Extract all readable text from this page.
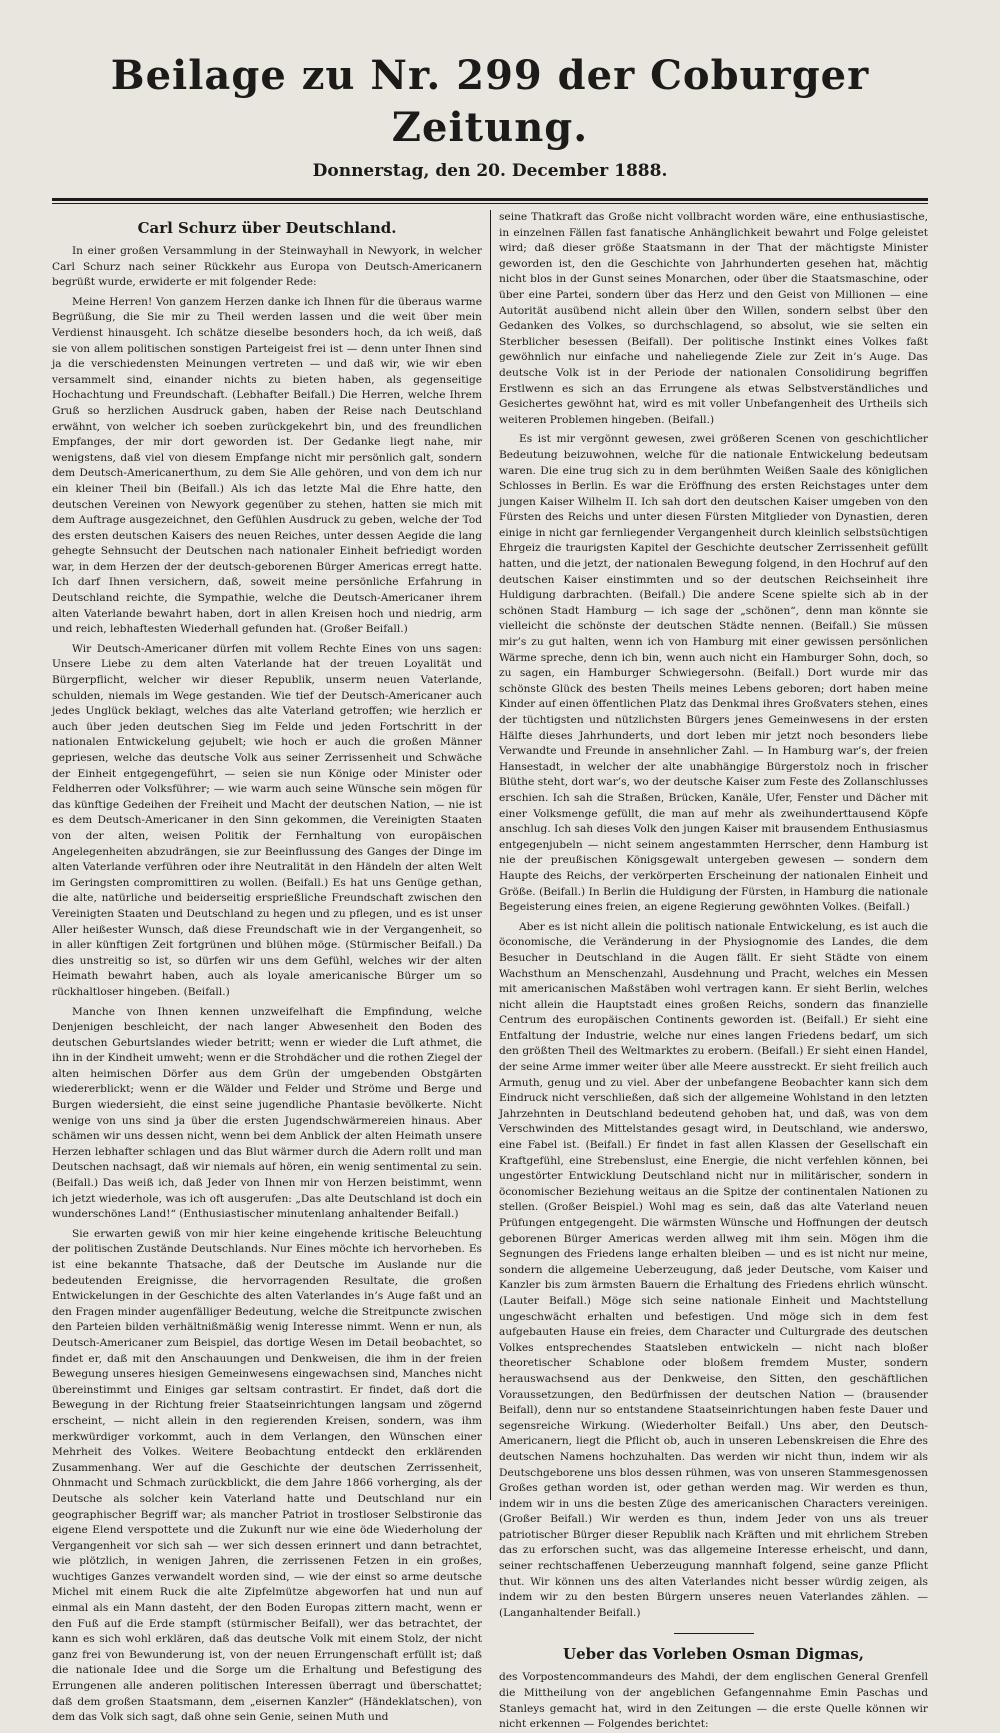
Beilage zu Nr. 299 der Coburger Zeitung.
Donnerstag, den 20. December 1888.
Carl Schurz über Deutschland.

In einer großen Versammlung in der Steinwayhall in Newyork, in welcher Carl Schurz nach seiner Rückkehr aus Europa von Deutsch-Americanern begrüßt wurde, erwiderte er mit folgender Rede:

Meine Herren! Von ganzem Herzen danke ich Ihnen für die überaus warme Begrüßung, die Sie mir zu Theil werden lassen und die weit über mein Verdienst hinausgeht. Ich schätze dieselbe besonders hoch, da ich weiß, daß sie von allem politischen sonstigen Parteigeist frei ist — denn unter Ihnen sind ja die verschiedensten Meinungen vertreten — und daß wir, wie wir eben versammelt sind, einander nichts zu bieten haben, als gegenseitige Hochachtung und Freundschaft. (Lebhafter Beifall.) Die Herren, welche Ihrem Gruß so herzlichen Ausdruck gaben, haben der Reise nach Deutschland erwähnt, von welcher ich soeben zurückgekehrt bin, und des freundlichen Empfanges, der mir dort geworden ist. Der Gedanke liegt nahe, mir wenigstens, daß viel von diesem Empfange nicht mir persönlich galt, sondern dem Deutsch-Americanerthum, zu dem Sie Alle gehören, und von dem ich nur ein kleiner Theil bin (Beifall.) Als ich das letzte Mal die Ehre hatte, den deutschen Vereinen von Newyork gegenüber zu stehen, hatten sie mich mit dem Auftrage ausgezeichnet, den Gefühlen Ausdruck zu geben, welche der Tod des ersten deutschen Kaisers des neuen Reiches, unter dessen Aegide die lang gehegte Sehnsucht der Deutschen nach nationaler Einheit befriedigt worden war, in dem Herzen der der deutsch-geborenen Bürger Americas erregt hatte. Ich darf Ihnen versichern, daß, soweit meine persönliche Erfahrung in Deutschland reichte, die Sympathie, welche die Deutsch-Americaner ihrem alten Vaterlande bewahrt haben, dort in allen Kreisen hoch und niedrig, arm und reich, lebhaftesten Wiederhall gefunden hat. (Großer Beifall.)

Wir Deutsch-Americaner dürfen mit vollem Rechte Eines von uns sagen: Unsere Liebe zu dem alten Vaterlande hat der treuen Loyalität und Bürgerpflicht, welcher wir dieser Republik, unserm neuen Vaterlande, schulden, niemals im Wege gestanden. Wie tief der Deutsch-Americaner auch jedes Unglück beklagt, welches das alte Vaterland getroffen; wie herzlich er auch über jeden deutschen Sieg im Felde und jeden Fortschritt in der nationalen Entwickelung gejubelt; wie hoch er auch die großen Männer gepriesen, welche das deutsche Volk aus seiner Zerrissenheit und Schwäche der Einheit entgegengeführt, — seien sie nun Könige oder Minister oder Feldherren oder Volksführer; — wie warm auch seine Wünsche sein mögen für das künftige Gedeihen der Freiheit und Macht der deutschen Nation, — nie ist es dem Deutsch-Americaner in den Sinn gekommen, die Vereinigten Staaten von der alten, weisen Politik der Fernhaltung von europäischen Angelegenheiten abzudrängen, sie zur Beeinflussung des Ganges der Dinge im alten Vaterlande verführen oder ihre Neutralität in den Händeln der alten Welt im Geringsten compromittiren zu wollen. (Beifall.) Es hat uns Genüge gethan, die alte, natürliche und beiderseitig ersprießliche Freundschaft zwischen den Vereinigten Staaten und Deutschland zu hegen und zu pflegen, und es ist unser Aller heißester Wunsch, daß diese Freundschaft wie in der Vergangenheit, so in aller künftigen Zeit fortgrünen und blühen möge. (Stürmischer Beifall.) Da dies unstreitig so ist, so dürfen wir uns dem Gefühl, welches wir der alten Heimath bewahrt haben, auch als loyale americanische Bürger um so rückhaltloser hingeben. (Beifall.)

Manche von Ihnen kennen unzweifelhaft die Empfindung, welche Denjenigen beschleicht, der nach langer Abwesenheit den Boden des deutschen Geburtslandes wieder betritt; wenn er wieder die Luft athmet, die ihn in der Kindheit umweht; wenn er die Strohdächer und die rothen Ziegel der alten heimischen Dörfer aus dem Grün der umgebenden Obstgärten wiedererblickt; wenn er die Wälder und Felder und Ströme und Berge und Burgen wiedersieht, die einst seine jugendliche Phantasie bevölkerte. Nicht wenige von uns sind ja über die ersten Jugendschwärmereien hinaus. Aber schämen wir uns dessen nicht, wenn bei dem Anblick der alten Heimath unsere Herzen lebhafter schlagen und das Blut wärmer durch die Adern rollt und man Deutschen nachsagt, daß wir niemals auf hören, ein wenig sentimental zu sein. (Beifall.) Das weiß ich, daß Jeder von Ihnen mir von Herzen beistimmt, wenn ich jetzt wiederhole, was ich oft ausgerufen: „Das alte Deutschland ist doch ein wunderschönes Land!“ (Enthusiastischer minutenlang anhaltender Beifall.)

Sie erwarten gewiß von mir hier keine eingehende kritische Beleuchtung der politischen Zustände Deutschlands. Nur Eines möchte ich hervorheben. Es ist eine bekannte Thatsache, daß der Deutsche im Auslande nur die bedeutenden Ereignisse, die hervorragenden Resultate, die großen Entwickelungen in der Geschichte des alten Vaterlandes in’s Auge faßt und an den Fragen minder augenfälliger Bedeutung, welche die Streitpuncte zwischen den Parteien bilden verhältnißmäßig wenig Interesse nimmt. Wenn er nun, als Deutsch-Americaner zum Beispiel, das dortige Wesen im Detail beobachtet, so findet er, daß mit den Anschauungen und Denkweisen, die ihm in der freien Bewegung unseres hiesigen Gemeinwesens eingewachsen sind, Manches nicht übereinstimmt und Einiges gar seltsam contrastirt. Er findet, daß dort die Bewegung in der Richtung freier Staatseinrichtungen langsam und zögernd erscheint, — nicht allein in den regierenden Kreisen, sondern, was ihm merkwürdiger vorkommt, auch in dem Verlangen, den Wünschen einer Mehrheit des Volkes. Weitere Beobachtung entdeckt den erklärenden Zusammenhang. Wer auf die Geschichte der deutschen Zerrissenheit, Ohnmacht und Schmach zurückblickt, die dem Jahre 1866 vorherging, als der Deutsche als solcher kein Vaterland hatte und Deutschland nur ein geographischer Begriff war; als mancher Patriot in trostloser Selbstironie das eigene Elend verspottete und die Zukunft nur wie eine öde Wiederholung der Vergangenheit vor sich sah — wer sich dessen erinnert und dann betrachtet, wie plötzlich, in wenigen Jahren, die zerrissenen Fetzen in ein großes, wuchtiges Ganzes verwandelt worden sind, — wie der einst so arme deutsche Michel mit einem Ruck die alte Zipfelmütze abgeworfen hat und nun auf einmal als ein Mann dasteht, der den Boden Europas zittern macht, wenn er den Fuß auf die Erde stampft (stürmischer Beifall), wer das betrachtet, der kann es sich wohl erklären, daß das deutsche Volk mit einem Stolz, der nicht ganz frei von Bewunderung ist, von der neuen Errungenschaft erfüllt ist; daß die nationale Idee und die Sorge um die Erhaltung und Befestigung des Errungenen alle anderen politischen Interessen überragt und überschattet; daß dem großen Staatsmann, dem „eisernen Kanzler“ (Händeklatschen), von dem das Volk sich sagt, daß ohne sein Genie, seinen Muth und

seine Thatkraft das Große nicht vollbracht worden wäre, eine enthusiastische, in einzelnen Fällen fast fanatische Anhänglichkeit bewahrt und Folge geleistet wird; daß dieser größe Staatsmann in der That der mächtigste Minister geworden ist, den die Geschichte von Jahrhunderten gesehen hat, mächtig nicht blos in der Gunst seines Monarchen, oder über die Staatsmaschine, oder über eine Partei, sondern über das Herz und den Geist von Millionen — eine Autorität ausübend nicht allein über den Willen, sondern selbst über den Gedanken des Volkes, so durchschlagend, so absolut, wie sie selten ein Sterblicher besessen (Beifall). Der politische Instinkt eines Volkes faßt gewöhnlich nur einfache und naheliegende Ziele zur Zeit in’s Auge. Das deutsche Volk ist in der Periode der nationalen Consolidirung begriffen Erstlwenn es sich an das Errungene als etwas Selbstverständliches und Gesichertes gewöhnt hat, wird es mit voller Unbefangenheit des Urtheils sich weiteren Problemen hingeben. (Beifall.)

Es ist mir vergönnt gewesen, zwei größeren Scenen von geschichtlicher Bedeutung beizuwohnen, welche für die nationale Entwickelung bedeutsam waren. Die eine trug sich zu in dem berühmten Weißen Saale des königlichen Schlosses in Berlin. Es war die Eröffnung des ersten Reichstages unter dem jungen Kaiser Wilhelm II. Ich sah dort den deutschen Kaiser umgeben von den Fürsten des Reichs und unter diesen Fürsten Mitglieder von Dynastien, deren einige in nicht gar fernliegender Vergangenheit durch kleinlich selbstsüchtigen Ehrgeiz die traurigsten Kapitel der Geschichte deutscher Zerrissenheit gefüllt hatten, und die jetzt, der nationalen Bewegung folgend, in den Hochruf auf den deutschen Kaiser einstimmten und so der deutschen Reichseinheit ihre Huldigung darbrachten. (Beifall.) Die andere Scene spielte sich ab in der schönen Stadt Hamburg — ich sage der „schönen“, denn man könnte sie vielleicht die schönste der deutschen Städte nennen. (Beifall.) Sie müssen mir’s zu gut halten, wenn ich von Hamburg mit einer gewissen persönlichen Wärme spreche, denn ich bin, wenn auch nicht ein Hamburger Sohn, doch, so zu sagen, ein Hamburger Schwiegersohn. (Beifall.) Dort wurde mir das schönste Glück des besten Theils meines Lebens geboren; dort haben meine Kinder auf einen öffentlichen Platz das Denkmal ihres Großvaters stehen, eines der tüchtigsten und nützlichsten Bürgers jenes Gemeinwesens in der ersten Hälfte dieses Jahrhunderts, und dort leben mir jetzt noch besonders liebe Verwandte und Freunde in ansehnlicher Zahl. — In Hamburg war’s, der freien Hansestadt, in welcher der alte unabhängige Bürgerstolz noch in frischer Blüthe steht, dort war’s, wo der deutsche Kaiser zum Feste des Zollanschlusses erschien. Ich sah die Straßen, Brücken, Kanäle, Ufer, Fenster und Dächer mit einer Volksmenge gefüllt, die man auf mehr als zweihunderttausend Köpfe anschlug. Ich sah dieses Volk den jungen Kaiser mit brausendem Enthusiasmus entgegenjubeln — nicht seinem angestammten Herrscher, denn Hamburg ist nie der preußischen Königsgewalt untergeben gewesen — sondern dem Haupte des Reichs, der verkörperten Erscheinung der nationalen Einheit und Größe. (Beifall.) In Berlin die Huldigung der Fürsten, in Hamburg die nationale Begeisterung eines freien, an eigene Regierung gewöhnten Volkes. (Beifall.)

Aber es ist nicht allein die politisch nationale Entwickelung, es ist auch die öconomische, die Veränderung in der Physiognomie des Landes, die dem Besucher in Deutschland in die Augen fällt. Er sieht Städte von einem Wachsthum an Menschenzahl, Ausdehnung und Pracht, welches ein Messen mit americanischen Maßstäben wohl vertragen kann. Er sieht Berlin, welches nicht allein die Hauptstadt eines großen Reichs, sondern das finanzielle Centrum des europäischen Continents geworden ist. (Beifall.) Er sieht eine Entfaltung der Industrie, welche nur eines langen Friedens bedarf, um sich den größten Theil des Weltmarktes zu erobern. (Beifall.) Er sieht einen Handel, der seine Arme immer weiter über alle Meere ausstreckt. Er sieht freilich auch Armuth, genug und zu viel. Aber der unbefangene Beobachter kann sich dem Eindruck nicht verschließen, daß sich der allgemeine Wohlstand in den letzten Jahrzehnten in Deutschland bedeutend gehoben hat, und daß, was von dem Verschwinden des Mittelstandes gesagt wird, in Deutschland, wie anderswo, eine Fabel ist. (Beifall.) Er findet in fast allen Klassen der Gesellschaft ein Kraftgefühl, eine Strebenslust, eine Energie, die nicht verfehlen können, bei ungestörter Entwicklung Deutschland nicht nur in militärischer, sondern in öconomischer Beziehung weitaus an die Spitze der continentalen Nationen zu stellen. (Großer Beispiel.) Wohl mag es sein, daß das alte Vaterland neuen Prüfungen entgegengeht. Die wärmsten Wünsche und Hoffnungen der deutsch geborenen Bürger Americas werden allweg mit ihm sein. Mögen ihm die Segnungen des Friedens lange erhalten bleiben — und es ist nicht nur meine, sondern die allgemeine Ueberzeugung, daß jeder Deutsche, vom Kaiser und Kanzler bis zum ärmsten Bauern die Erhaltung des Friedens ehrlich wünscht. (Lauter Beifall.) Möge sich seine nationale Einheit und Machtstellung ungeschwächt erhalten und befestigen. Und möge sich in dem fest aufgebauten Hause ein freies, dem Character und Culturgrade des deutschen Volkes entsprechendes Staatsleben entwickeln — nicht nach bloßer theoretischer Schablone oder bloßem fremdem Muster, sondern herauswachsend aus der Denkweise, den Sitten, den geschäftlichen Voraussetzungen, den Bedürfnissen der deutschen Nation — (brausender Beifall), denn nur so entstandene Staatseinrichtungen haben feste Dauer und segensreiche Wirkung. (Wiederholter Beifall.) Uns aber, den Deutsch-Americanern, liegt die Pflicht ob, auch in unseren Lebenskreisen die Ehre des deutschen Namens hochzuhalten. Das werden wir nicht thun, indem wir als Deutschgeborene uns blos dessen rühmen, was von unseren Stammesgenossen Großes gethan worden ist, oder gethan werden mag. Wir werden es thun, indem wir in uns die besten Züge des americanischen Characters vereinigen. (Großer Beifall.) Wir werden es thun, indem Jeder von uns als treuer patriotischer Bürger dieser Republik nach Kräften und mit ehrlichem Streben das zu erforschen sucht, was das allgemeine Interesse erheischt, und dann, seiner rechtschaffenen Ueberzeugung mannhaft folgend, seine ganze Pflicht thut. Wir können uns des alten Vaterlandes nicht besser würdig zeigen, als indem wir zu den besten Bürgern unseres neuen Vaterlandes zählen. — (Langanhaltender Beifall.)

Ueber das Vorleben Osman Digmas,

des Vorpostencommandeurs des Mahdi, der dem englischen General Grenfell die Mittheilung von der angeblichen Gefangennahme Emin Paschas und Stanleys gemacht hat, wird in den Zeitungen — die erste Quelle können wir nicht erkennen — Folgendes berichtet:
